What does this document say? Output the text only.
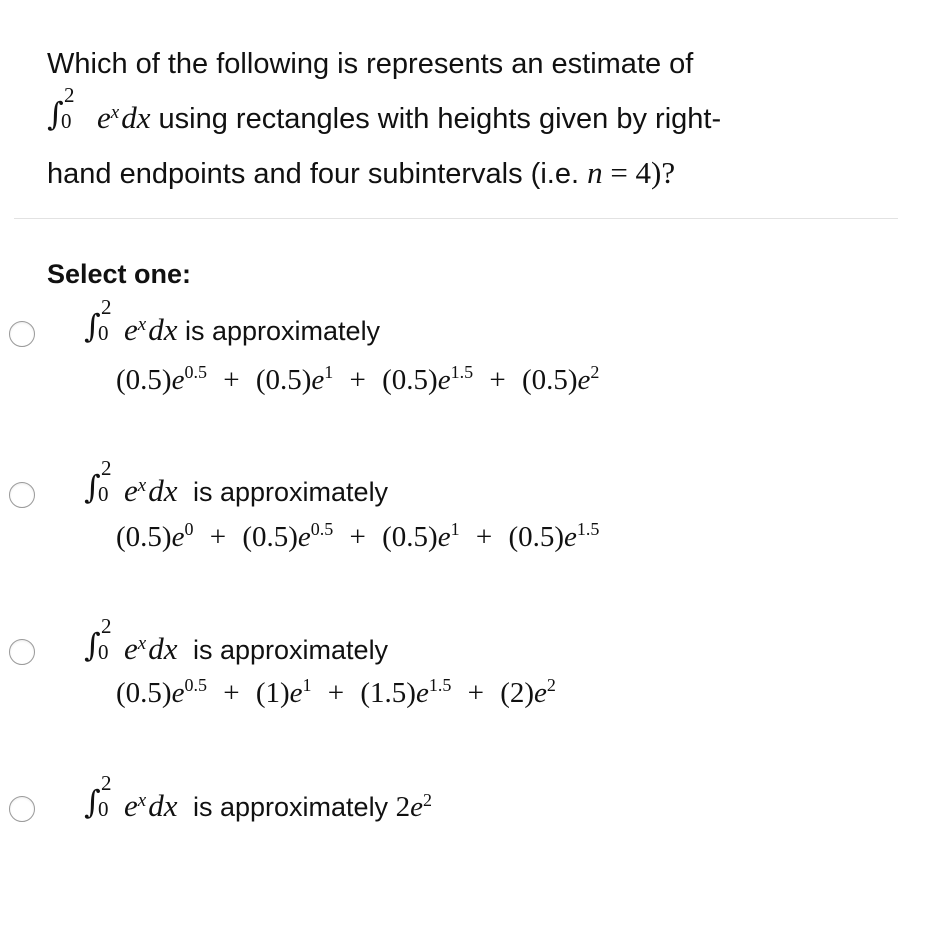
Which of the following is represents an estimate of
∫ 2
0 $e^xdx$ using rectangles with heights given by right-
hand endpoints and four subintervals (i.e. n = 4)?
Select one:
∫ 2
0 $e^xdx$ is approximately
$(0.5)e^{0.5} + (0.5)e^1 + (0.5)e^{1.5} + (0.5)e^2$
∫ 2
0 $e^xdx$ is approximately
$(0.5)e^0 + (0.5)e^{0.5} + (0.5)e^1 + (0.5)e^{1.5}$
∫ 2
0 $e^xdx$ is approximately
$(0.5)e^{0.5} + (1)e^1 + (1.5)e^{1.5} + (2)e^2$
∫ 2
0 $e^xdx$ is approximately $2e^2$
